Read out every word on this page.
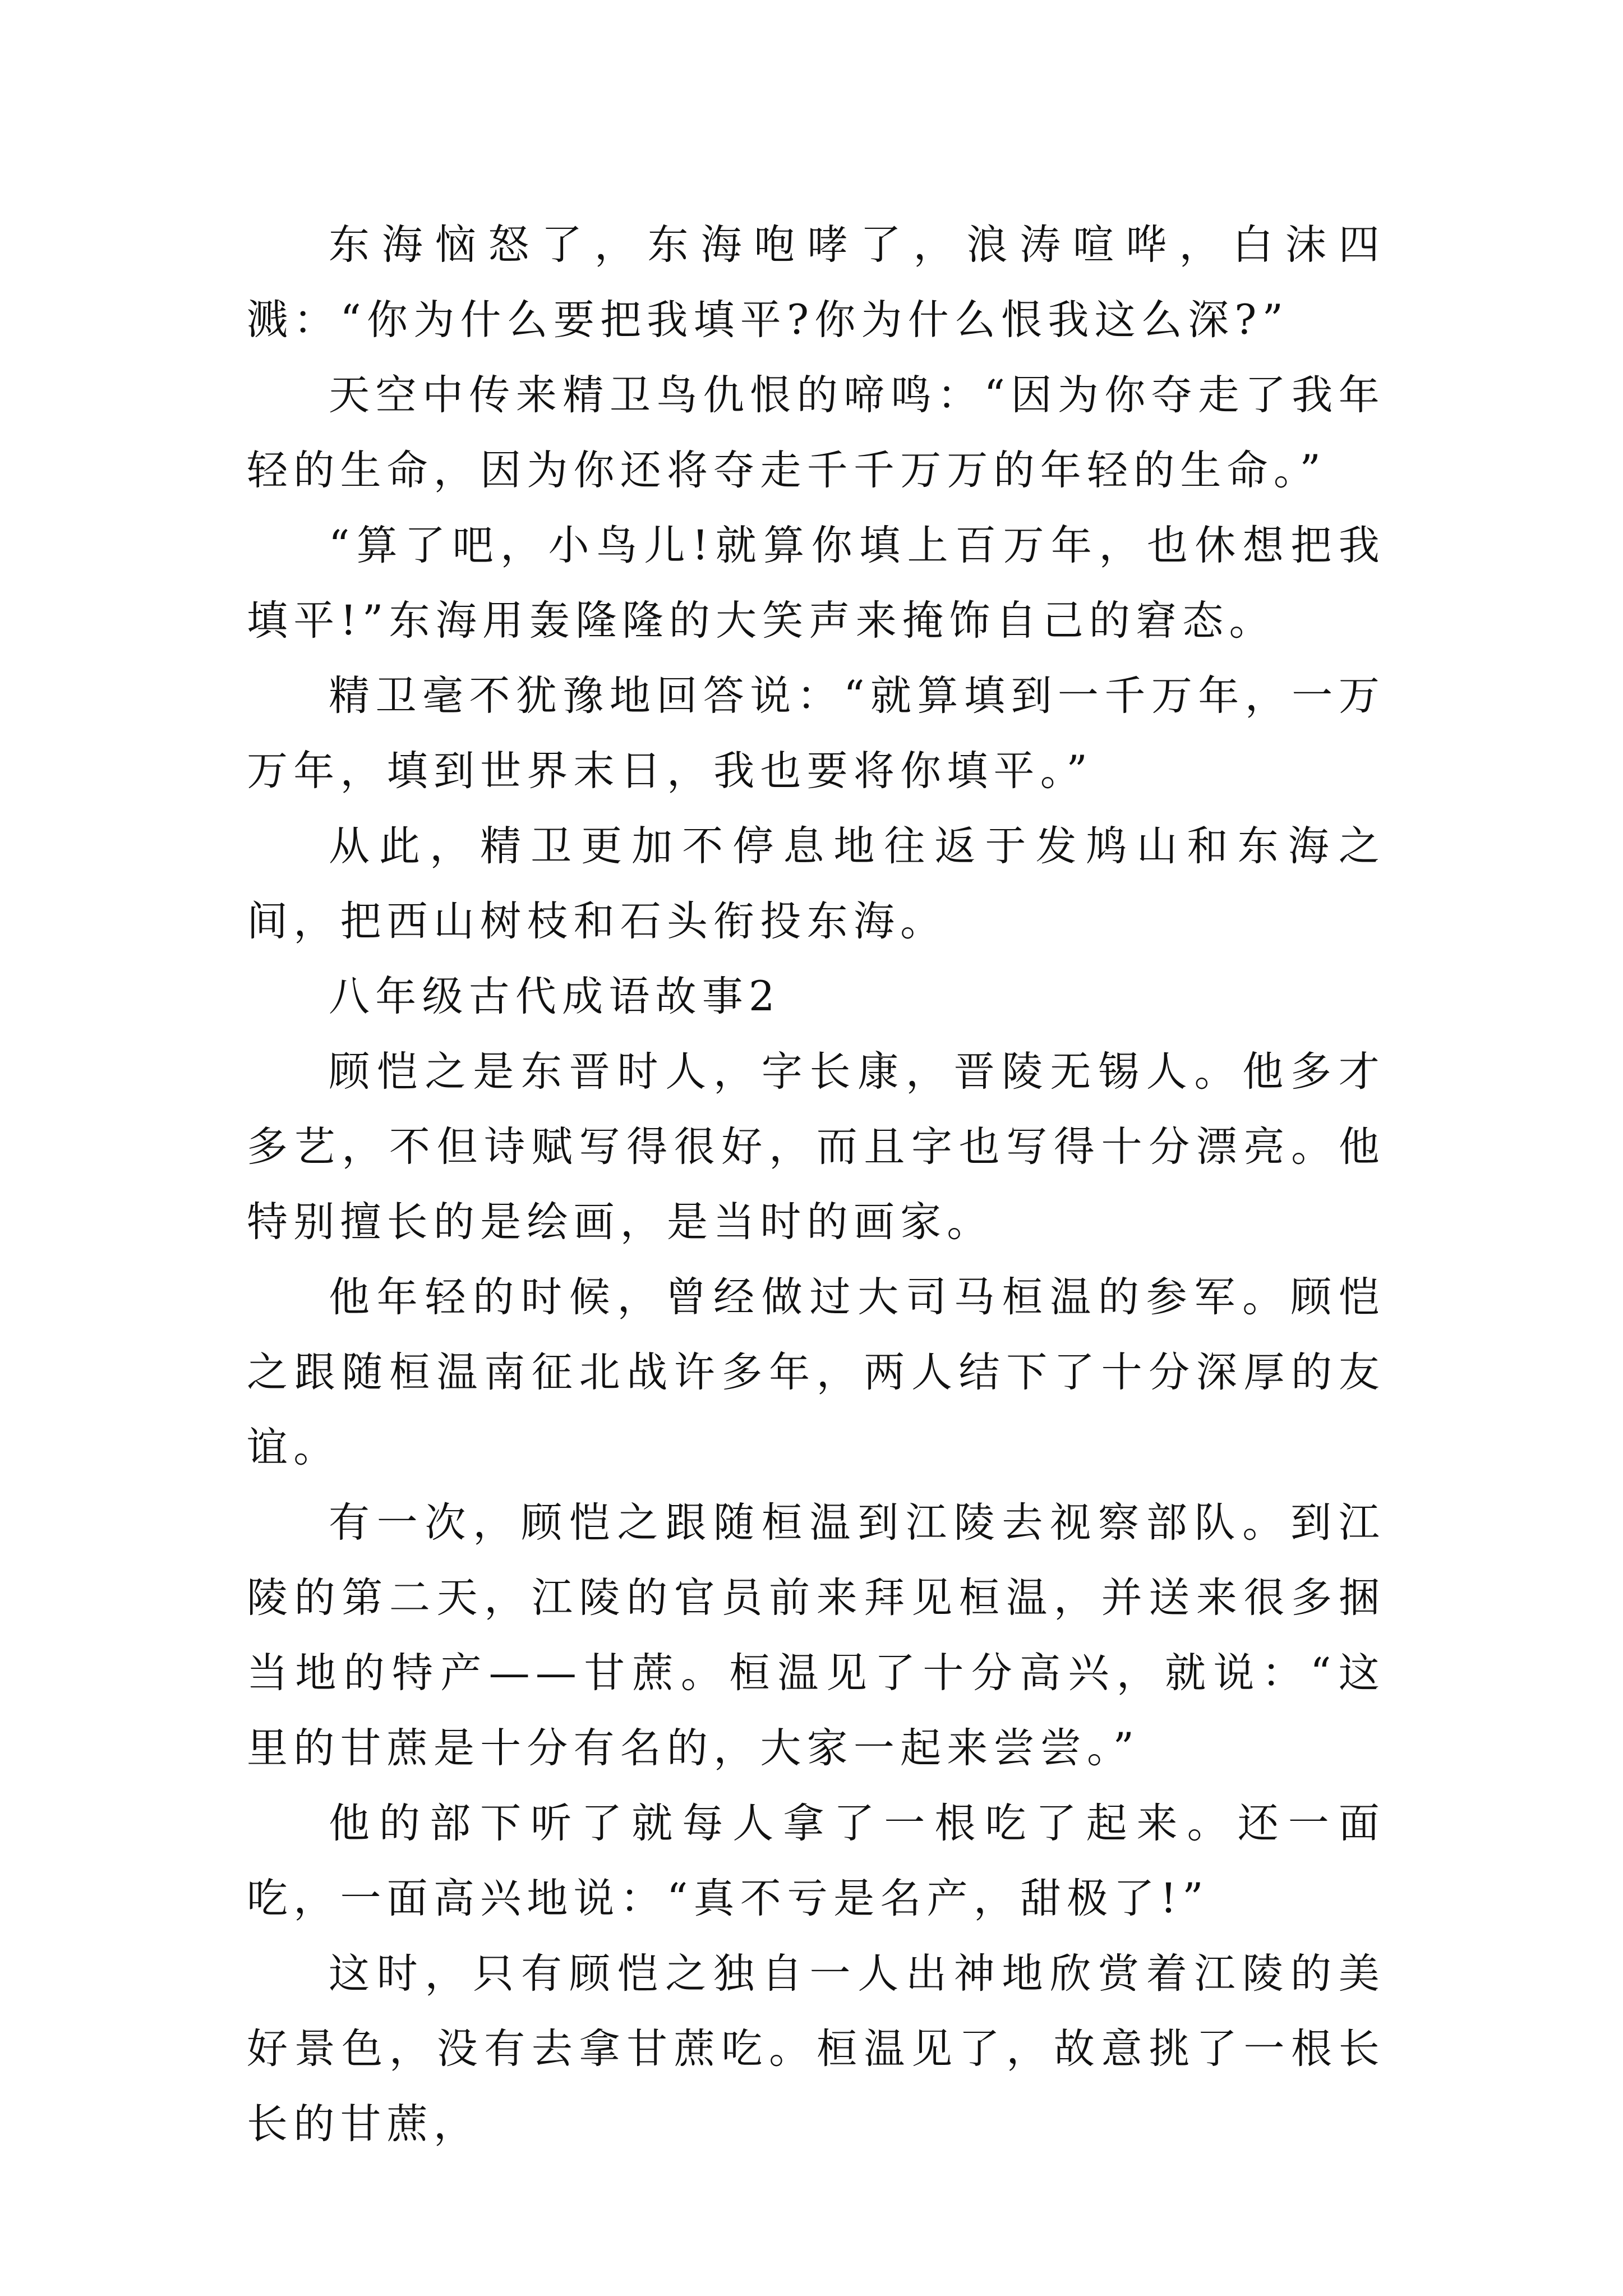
东海恼怒了，东海咆哮了，浪涛喧哗，白沫四溅：“你为什么要把我填平?你为什么恨我这么深?”

天空中传来精卫鸟仇恨的啼鸣：“因为你夺走了我年轻的生命，因为你还将夺走千千万万的年轻的生命。”

“算了吧，小鸟儿!就算你填上百万年，也休想把我填平!”东海用轰隆隆的大笑声来掩饰自己的窘态。

精卫毫不犹豫地回答说：“就算填到一千万年，一万万年，填到世界末日，我也要将你填平。”

从此，精卫更加不停息地往返于发鸠山和东海之间，把西山树枝和石头衔投东海。

八年级古代成语故事2

顾恺之是东晋时人，字长康，晋陵无锡人。他多才多艺，不但诗赋写得很好，而且字也写得十分漂亮。他特别擅长的是绘画，是当时的画家。

他年轻的时候，曾经做过大司马桓温的参军。顾恺之跟随桓温南征北战许多年，两人结下了十分深厚的友谊。

有一次，顾恺之跟随桓温到江陵去视察部队。到江陵的第二天，江陵的官员前来拜见桓温，并送来很多捆当地的特产——甘蔗。桓温见了十分高兴，就说：“这里的甘蔗是十分有名的，大家一起来尝尝。”

他的部下听了就每人拿了一根吃了起来。还一面吃，一面高兴地说：“真不亏是名产，甜极了!”

这时，只有顾恺之独自一人出神地欣赏着江陵的美好景色，没有去拿甘蔗吃。桓温见了，故意挑了一根长长的甘蔗，
